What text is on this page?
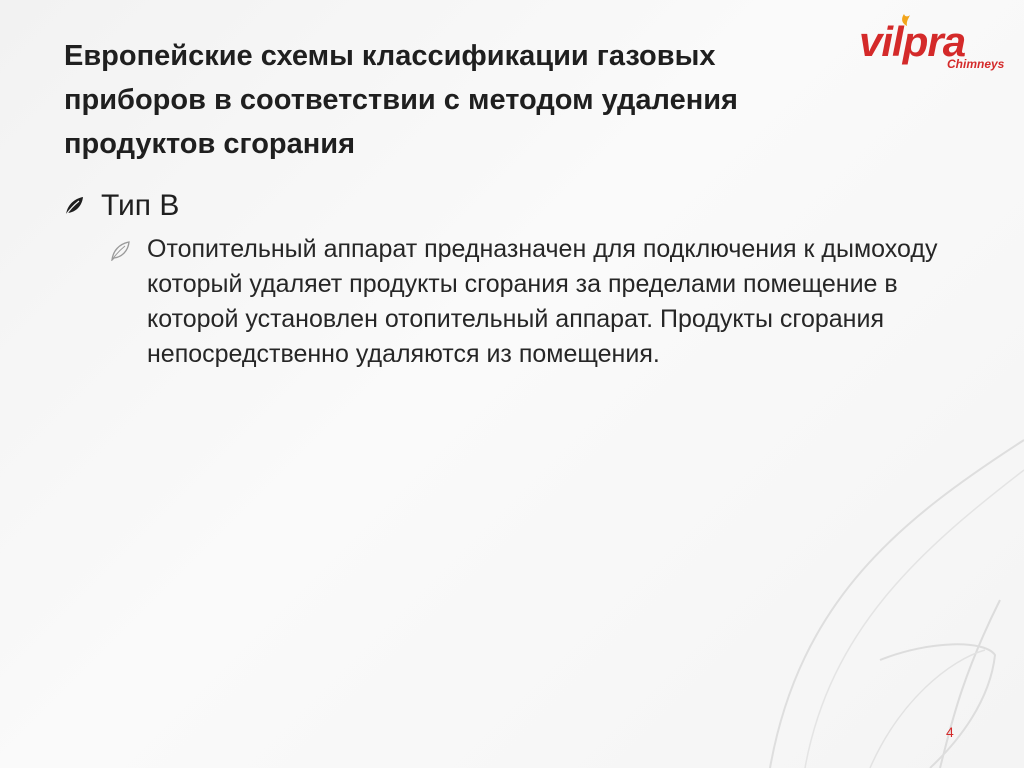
Европейские схемы классификации газовых приборов в соответствии с методом удаления продуктов сгорания
vilpra
Chimneys
Тип В
Отопительный аппарат предназначен для подключения к дымоходу который удаляет продукты сгорания за пределами помещение в которой установлен отопительный аппарат. Продукты сгорания непосредственно удаляются из помещения.
4
